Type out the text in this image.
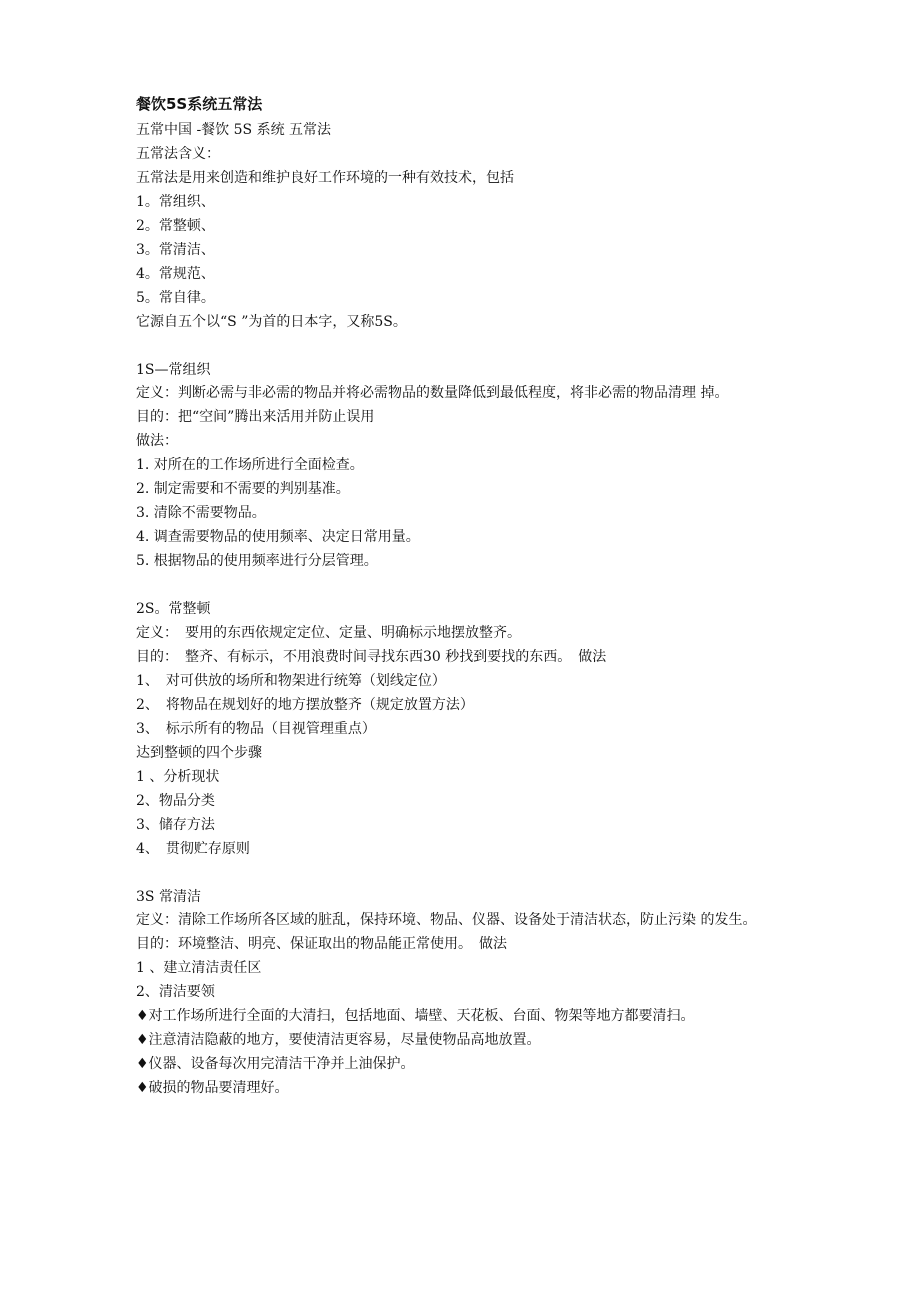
餐饮5S系统五常法
五常中国 -餐饮 5S 系统 五常法
五常法含义：
五常法是用来创造和维护良好工作环境的一种有效技术，包括
1。常组织、
2。常整顿、
3。常清洁、
4。常规范、
5。常自律。
它源自五个以“S ”为首的日本字，又称5S。
1S—常组织
定义：判断必需与非必需的物品并将必需物品的数量降低到最低程度，将非必需的物品清理 掉。
目的：把“空间”腾出来活用并防止误用
做法：
1. 对所在的工作场所进行全面检查。
2. 制定需要和不需要的判别基准。
3. 清除不需要物品。
4. 调查需要物品的使用频率、决定日常用量。
5. 根据物品的使用频率进行分层管理。
2S。常整顿
定义：　要用的东西依规定定位、定量、明确标示地摆放整齐。
目的：　整齐、有标示，不用浪费时间寻找东西30 秒找到要找的东西。　做法
1、　对可供放的场所和物架进行统筹（划线定位）
2、　将物品在规划好的地方摆放整齐（规定放置方法）
3、　标示所有的物品（目视管理重点）
达到整顿的四个步骤
1 、分析现状
2、物品分类
3、储存方法
4、　贯彻贮存原则
3S 常清洁
定义：清除工作场所各区域的脏乱，保持环境、物品、仪器、设备处于清洁状态，防止污染 的发生。
目的：环境整洁、明亮、保证取出的物品能正常使用。　做法
1 、建立清洁责任区
2、清洁要领
♦对工作场所进行全面的大清扫，包括地面、墙壁、天花板、台面、物架等地方都要清扫。
♦注意清洁隐蔽的地方，要使清洁更容易，尽量使物品高地放置。
♦仪器、设备每次用完清洁干净并上油保护。
♦破损的物品要清理好。
